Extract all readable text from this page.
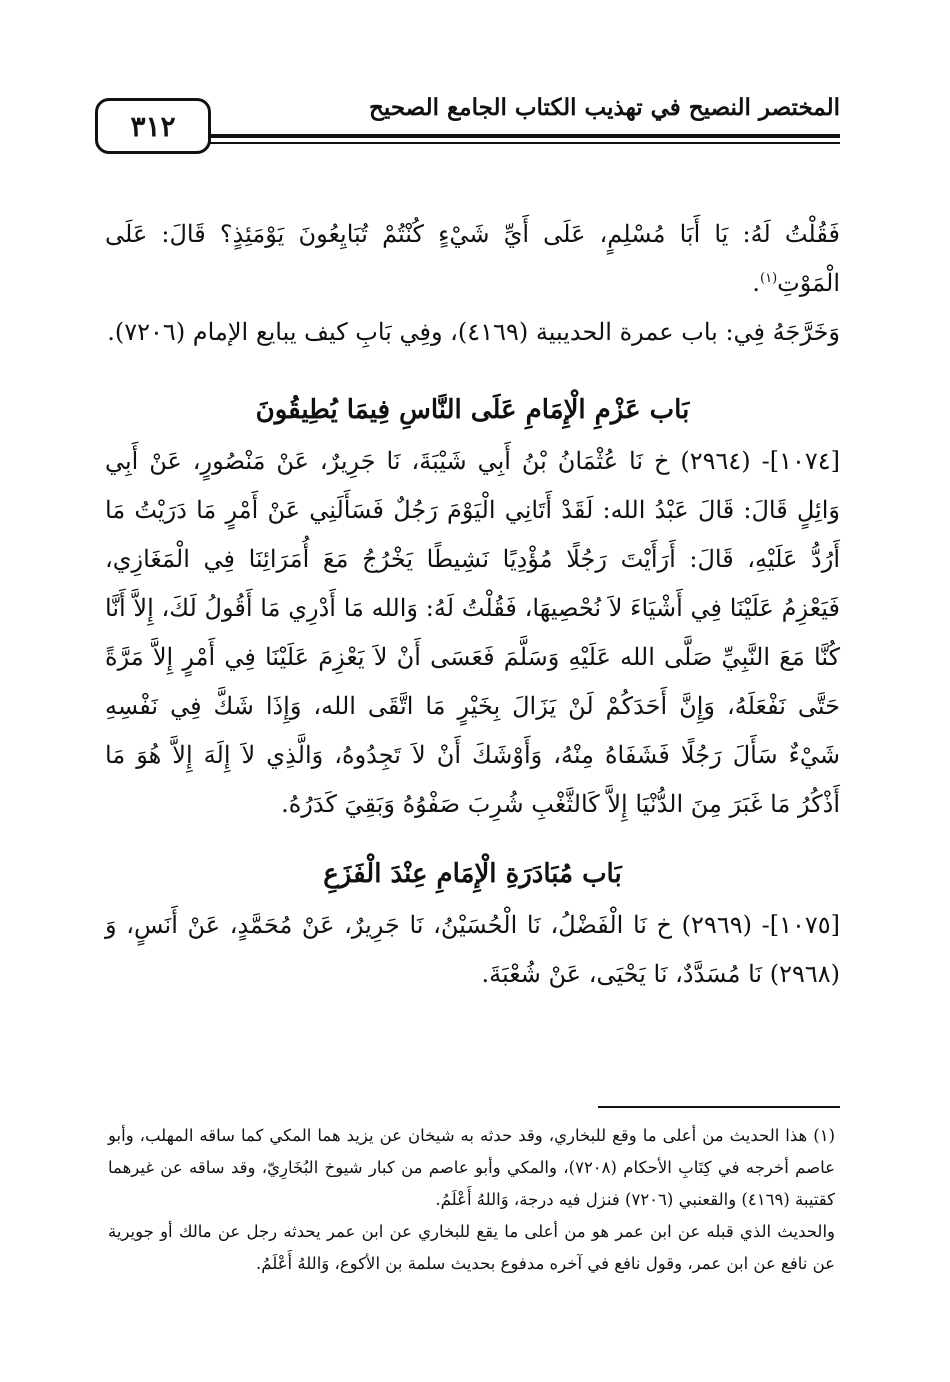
المختصر النصيح في تهذيب الكتاب الجامع الصحيح
٣١٢

فَقُلْتُ لَهُ: يَا أَبَا مُسْلِمٍ، عَلَى أَيِّ شَيْءٍ كُنْتُمْ تُبَايِعُونَ يَوْمَئِذٍ؟ قَالَ: عَلَى الْمَوْتِ$^{(١)}$.

وَخَرَّجَهُ فِي: باب عمرة الحديبية (٤١٦٩)، وفِي بَابِ كيف يبايع الإمام (٧٢٠٦).

بَاب عَزْمِ الْإِمَامِ عَلَى النَّاسِ فِيمَا يُطِيقُونَ

[١٠٧٤]- (٢٩٦٤) خ نَا عُثْمَانُ بْنُ أَبِي شَيْبَةَ، نَا جَرِيرٌ، عَنْ مَنْصُورٍ، عَنْ أَبِي وَائِلٍ قَالَ: قَالَ عَبْدُ الله: لَقَدْ أَتَانِي الْيَوْمَ رَجُلٌ فَسَأَلَنِي عَنْ أَمْرٍ مَا دَرَيْتُ مَا أَرُدُّ عَلَيْهِ، قَالَ: أَرَأَيْتَ رَجُلًا مُؤْدِيًا نَشِيطًا يَخْرُجُ مَعَ أُمَرَائِنَا فِي الْمَغَازِي، فَيَعْزِمُ عَلَيْنَا فِي أَشْيَاءَ لاَ نُحْصِيهَا، فَقُلْتُ لَهُ: وَالله مَا أَدْرِي مَا أَقُولُ لَكَ، إِلاَّ أَنَّا كُنَّا مَعَ النَّبِيِّ صَلَّى الله عَلَيْهِ وَسَلَّمَ فَعَسَى أَنْ لاَ يَعْزِمَ عَلَيْنَا فِي أَمْرٍ إِلاَّ مَرَّةً حَتَّى نَفْعَلَهُ، وَإِنَّ أَحَدَكُمْ لَنْ يَزَالَ بِخَيْرٍ مَا اتَّقَى الله، وَإِذَا شَكَّ فِي نَفْسِهِ شَيْءٌ سَأَلَ رَجُلًا فَشَفَاهُ مِنْهُ، وَأَوْشَكَ أَنْ لاَ تَجِدُوهُ، وَالَّذِي لاَ إِلَهَ إِلاَّ هُوَ مَا أَذْكُرُ مَا غَبَرَ مِنَ الدُّنْيَا إِلاَّ كَالثَّغْبِ شُرِبَ صَفْوُهُ وَبَقِيَ كَدَرُهُ.

بَاب مُبَادَرَةِ الْإِمَامِ عِنْدَ الْفَزَعِ

[١٠٧٥]- (٢٩٦٩) خ نَا الْفَضْلُ، نَا الْحُسَيْنُ، نَا جَرِيرٌ، عَنْ مُحَمَّدٍ، عَنْ أَنَسٍ، وَ (٢٩٦٨) نَا مُسَدَّدٌ، نَا يَحْيَى، عَنْ شُعْبَةَ.

(١) هذا الحديث من أعلى ما وقع للبخاري، وقد حدثه به شيخان عن يزيد هما المكي كما ساقه المهلب، وأبو عاصم أخرجه في كِتَابِ الأحكام (٧٢٠٨)، والمكي وأبو عاصم من كبار شيوخ البُخَارِيّ، وقد ساقه عن غيرهما كقتيبة (٤١٦٩) والقعنبي (٧٢٠٦) فنزل فيه درجة، وَاللهُ أَعْلَمُ.

والحديث الذي قبله عن ابن عمر هو من أعلى ما يقع للبخاري عن ابن عمر يحدثه رجل عن مالك أو جويرية عن نافع عن ابن عمر، وقول نافع في آخره مدفوع بحديث سلمة بن الأكوع، وَاللهُ أَعْلَمُ.
